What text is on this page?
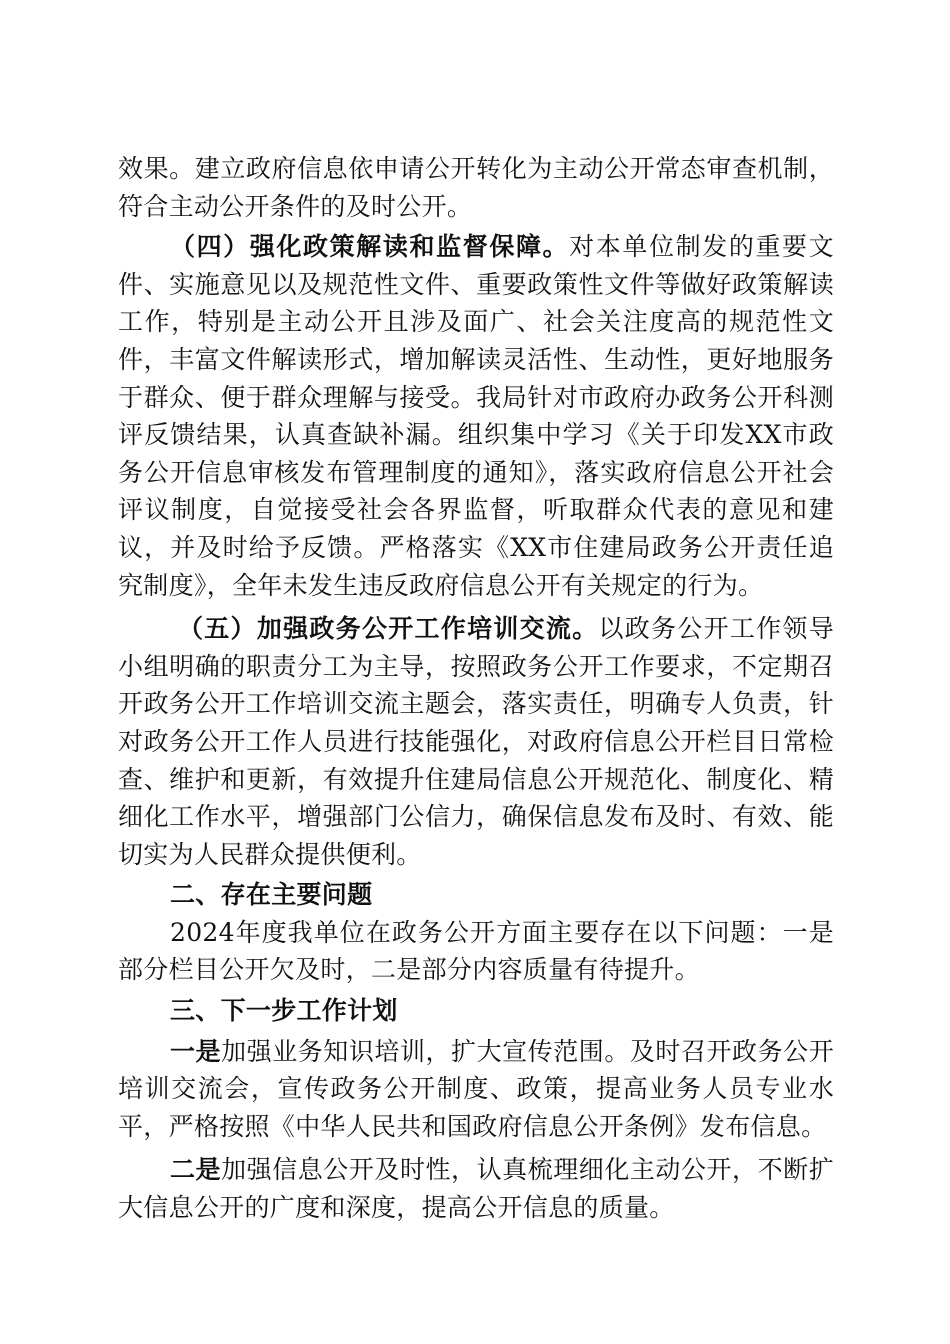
效果。建立政府信息依申请公开转化为主动公开常态审查机制，符合主动公开条件的及时公开。

（四）强化政策解读和监督保障。对本单位制发的重要文件、实施意见以及规范性文件、重要政策性文件等做好政策解读工作，特别是主动公开且涉及面广、社会关注度高的规范性文件，丰富文件解读形式，增加解读灵活性、生动性，更好地服务于群众、便于群众理解与接受。我局针对市政府办政务公开科测评反馈结果，认真查缺补漏。组织集中学习《关于印发XX市政务公开信息审核发布管理制度的通知》，落实政府信息公开社会评议制度，自觉接受社会各界监督，听取群众代表的意见和建议，并及时给予反馈。严格落实《XX市住建局政务公开责任追究制度》，全年未发生违反政府信息公开有关规定的行为。

（五）加强政务公开工作培训交流。以政务公开工作领导小组明确的职责分工为主导，按照政务公开工作要求，不定期召开政务公开工作培训交流主题会，落实责任，明确专人负责，针对政务公开工作人员进行技能强化，对政府信息公开栏目日常检查、维护和更新，有效提升住建局信息公开规范化、制度化、精细化工作水平，增强部门公信力，确保信息发布及时、有效、能切实为人民群众提供便利。

二、存在主要问题

2024年度我单位在政务公开方面主要存在以下问题：一是部分栏目公开欠及时，二是部分内容质量有待提升。

三、下一步工作计划

一是加强业务知识培训，扩大宣传范围。及时召开政务公开培训交流会，宣传政务公开制度、政策，提高业务人员专业水平，严格按照《中华人民共和国政府信息公开条例》发布信息。

二是加强信息公开及时性，认真梳理细化主动公开，不断扩大信息公开的广度和深度，提高公开信息的质量。
